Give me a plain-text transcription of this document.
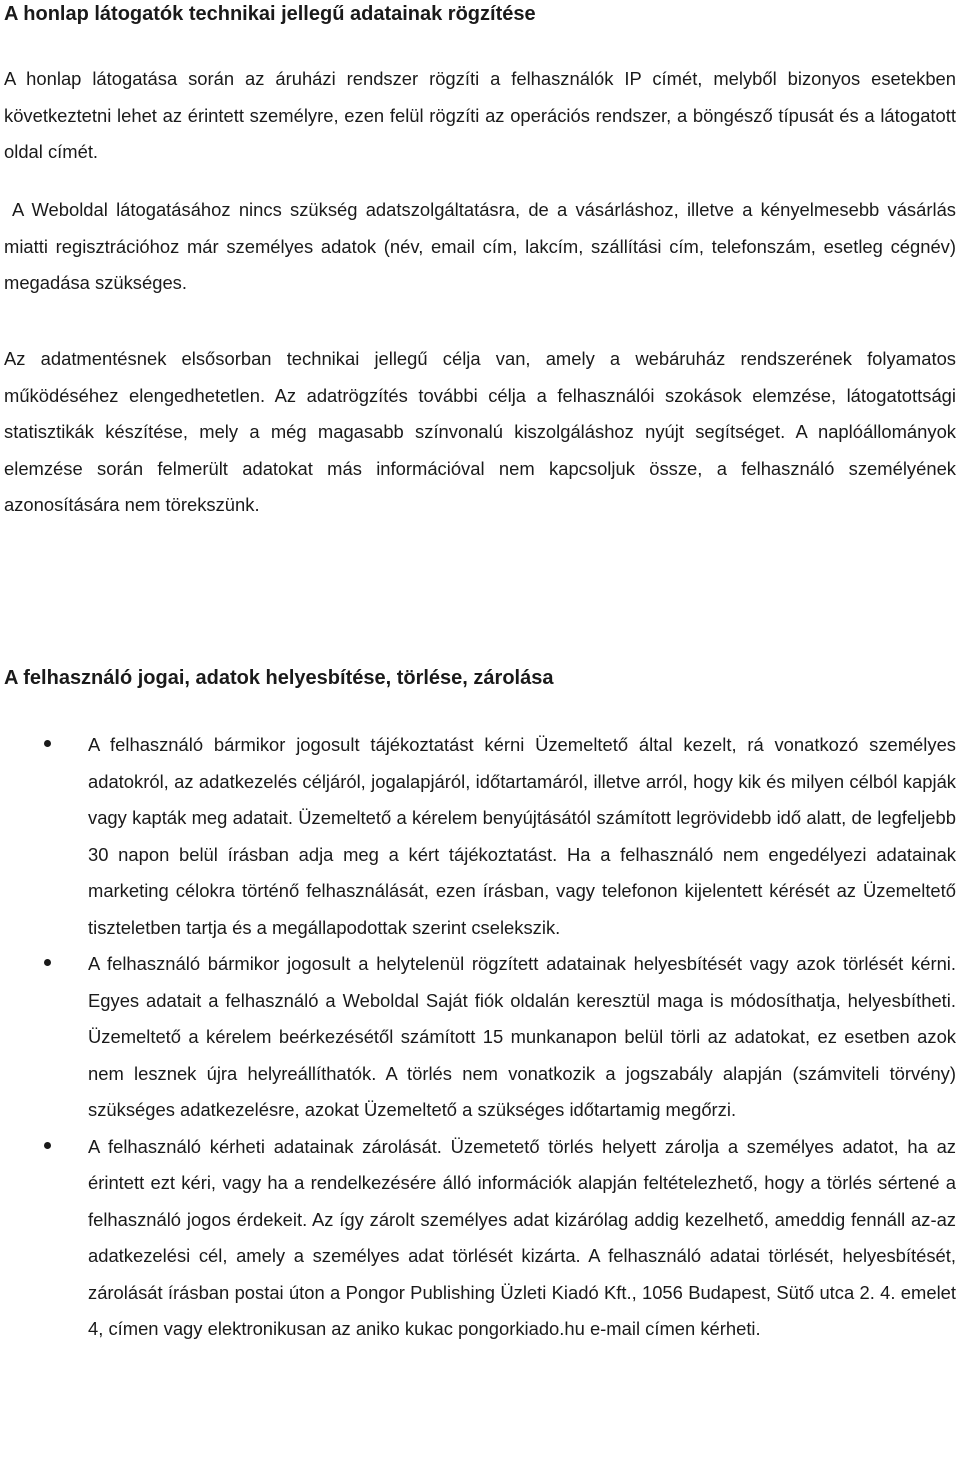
A honlap látogatók technikai jellegű adatainak rögzítése

A honlap látogatása során az áruházi rendszer rögzíti a felhasználók IP címét, melyből bizonyos esetekben következtetni lehet az érintett személyre, ezen felül rögzíti az operációs rendszer, a böngésző típusát és a látogatott oldal címét.

A Weboldal látogatásához nincs szükség adatszolgáltatásra, de a vásárláshoz, illetve a kényelmesebb vásárlás miatti regisztrációhoz már személyes adatok (név, email cím, lakcím, szállítási cím, telefonszám, esetleg cégnév) megadása szükséges.

Az adatmentésnek elsősorban technikai jellegű célja van, amely a webáruház rendszerének folyamatos működéséhez elengedhetetlen. Az adatrögzítés további célja a felhasználói szokások elemzése, látogatottsági statisztikák készítése, mely a még magasabb színvonalú kiszolgáláshoz nyújt segítséget. A naplóállományok elemzése során felmerült adatokat más információval nem kapcsoljuk össze, a felhasználó személyének azonosítására nem törekszünk.

A felhasználó jogai, adatok helyesbítése, törlése, zárolása
A felhasználó bármikor jogosult tájékoztatást kérni Üzemeltető által kezelt, rá vonatkozó személyes adatokról, az adatkezelés céljáról, jogalapjáról, időtartamáról, illetve arról, hogy kik és milyen célból kapják vagy kapták meg adatait. Üzemeltető a kérelem benyújtásától számított legrövidebb idő alatt, de legfeljebb 30 napon belül írásban adja meg a kért tájékoztatást. Ha a felhasználó nem engedélyezi adatainak marketing célokra történő felhasználását, ezen írásban, vagy telefonon kijelentett kérését az Üzemeltető tiszteletben tartja és a megállapodottak szerint cselekszik.
A felhasználó bármikor jogosult a helytelenül rögzített adatainak helyesbítését vagy azok törlését kérni. Egyes adatait a felhasználó a Weboldal Saját fiók oldalán keresztül maga is módosíthatja, helyesbítheti. Üzemeltető a kérelem beérkezésétől számított 15 munkanapon belül törli az adatokat, ez esetben azok nem lesznek újra helyreállíthatók. A törlés nem vonatkozik a jogszabály alapján (számviteli törvény) szükséges adatkezelésre, azokat Üzemeltető a szükséges időtartamig megőrzi.
A felhasználó kérheti adatainak zárolását. Üzemetető törlés helyett zárolja a személyes adatot, ha az érintett ezt kéri, vagy ha a rendelkezésére álló információk alapján feltételezhető, hogy a törlés sértené a felhasználó jogos érdekeit. Az így zárolt személyes adat kizárólag addig kezelhető, ameddig fennáll az-az adatkezelési cél, amely a személyes adat törlését kizárta. A felhasználó adatai törlését, helyesbítését, zárolását írásban postai úton a Pongor Publishing Üzleti Kiadó Kft., 1056 Budapest, Sütő utca 2. 4. emelet 4, címen vagy elektronikusan az aniko kukac pongorkiado.hu e-mail címen kérheti.
